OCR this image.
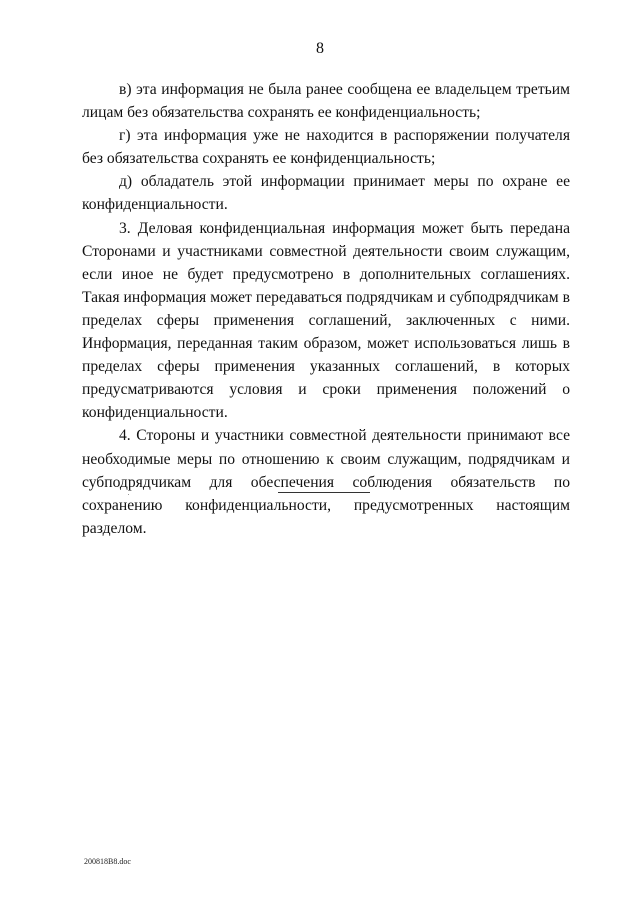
8

в) эта информация не была ранее сообщена ее владельцем третьим лицам без обязательства сохранять ее конфиденциальность;

г) эта информация уже не находится в распоряжении получателя без обязательства сохранять ее конфиденциальность;

д) обладатель этой информации принимает меры по охране ее конфиденциальности.

3. Деловая конфиденциальная информация может быть передана Сторонами и участниками совместной деятельности своим служащим, если иное не будет предусмотрено в дополнительных соглашениях. Такая информация может передаваться подрядчикам и субподрядчикам в пределах сферы применения соглашений, заключенных с ними. Информация, переданная таким образом, может использоваться лишь в пределах сферы применения указанных соглашений, в которых предусматриваются условия и сроки применения положений о конфиденциальности.

4. Стороны и участники совместной деятельности принимают все необходимые меры по отношению к своим служащим, подрядчикам и субподрядчикам для обеспечения соблюдения обязательств по сохранению конфиденциальности, предусмотренных настоящим разделом.

200818В8.doc
